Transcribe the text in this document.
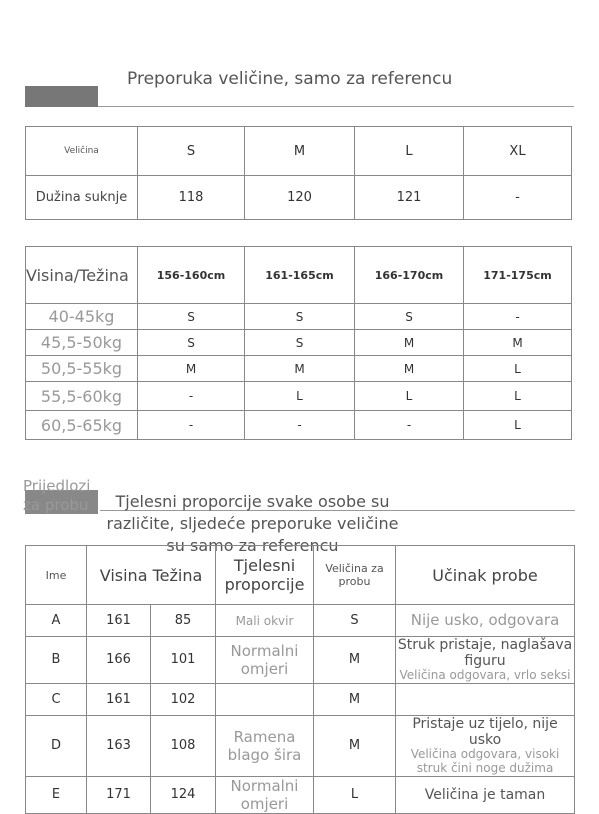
Preporuka veličine, samo za referencu
Veličina	S	M	L	XL
Dužina suknje	118	120	121	-
Visina/Težina	156-160cm	161-165cm	166-170cm	171-175cm
40-45kg	S	S	S	-
45,5-50kg	S	S	M	M
50,5-55kg	M	M	M	L
55,5-60kg	-	L	L	L
60,5-65kg	-	-	-	L
Prijedlozi za probu	Tjelesni proporcije svake osobe su različite, sljedeće preporuke veličine su samo za referencu
Ime	Visina Težina		Tjelesni proporcije	Veličina za probu	Učinak probe
A	161	85	Mali okvir	S	Nije usko, odgovara

B	166	101	Normalni omjeri	M	Struk pristaje, naglašava figuru
Veličina odgovara, vrlo seksi

C	161	102		M	

D	163	108	Ramena blago šira	M	Pristaje uz tijelo, nije usko
Veličina odgovara, visoki struk čini noge dužima

E	171	124	Normalni omjeri	L	Veličina je taman
